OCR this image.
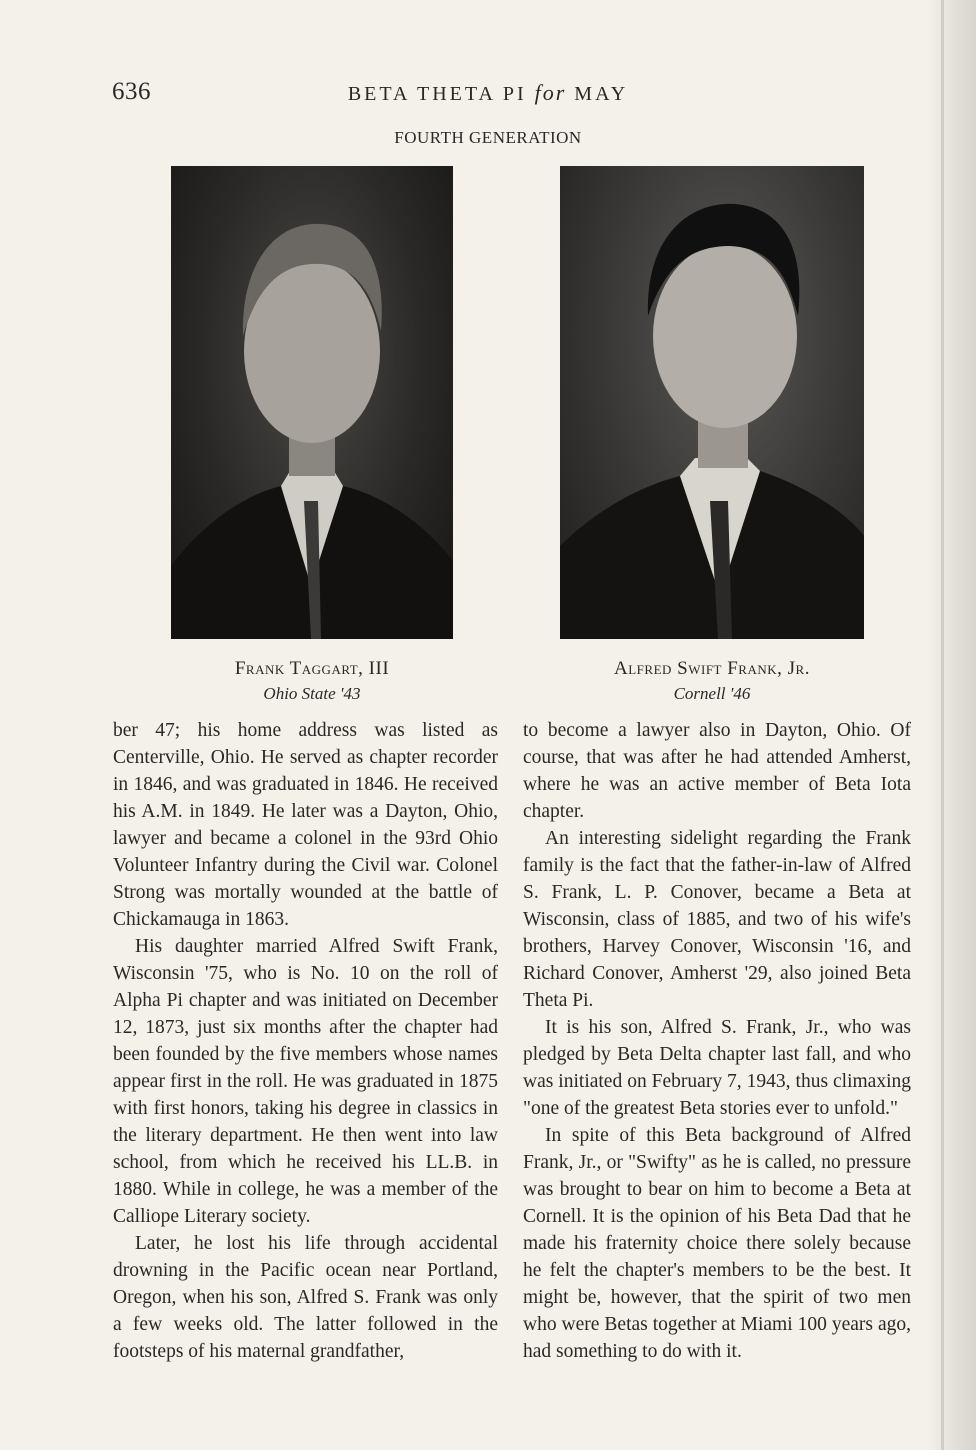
636	BETA THETA PI for MAY
FOURTH GENERATION
Frank Taggart, III
Ohio State '43
Alfred Swift Frank, Jr.
Cornell '46

ber 47; his home address was listed as Centerville, Ohio. He served as chapter recorder in 1846, and was graduated in 1846. He received his A.M. in 1849. He later was a Dayton, Ohio, lawyer and became a colonel in the 93rd Ohio Volunteer Infantry during the Civil war. Colonel Strong was mortally wounded at the battle of Chickamauga in 1863.

His daughter married Alfred Swift Frank, Wisconsin '75, who is No. 10 on the roll of Alpha Pi chapter and was initiated on December 12, 1873, just six months after the chapter had been founded by the five members whose names appear first in the roll. He was graduated in 1875 with first honors, taking his degree in classics in the literary department. He then went into law school, from which he received his LL.B. in 1880. While in college, he was a member of the Calliope Literary society.

Later, he lost his life through accidental drowning in the Pacific ocean near Portland, Oregon, when his son, Alfred S. Frank was only a few weeks old. The latter followed in the footsteps of his maternal grandfather,

to become a lawyer also in Dayton, Ohio. Of course, that was after he had attended Amherst, where he was an active member of Beta Iota chapter.

An interesting sidelight regarding the Frank family is the fact that the father-in-law of Alfred S. Frank, L. P. Conover, became a Beta at Wisconsin, class of 1885, and two of his wife's brothers, Harvey Conover, Wisconsin '16, and Richard Conover, Amherst '29, also joined Beta Theta Pi.

It is his son, Alfred S. Frank, Jr., who was pledged by Beta Delta chapter last fall, and who was initiated on February 7, 1943, thus climaxing "one of the greatest Beta stories ever to unfold."

In spite of this Beta background of Alfred Frank, Jr., or "Swifty" as he is called, no pressure was brought to bear on him to become a Beta at Cornell. It is the opinion of his Beta Dad that he made his fraternity choice there solely because he felt the chapter's members to be the best. It might be, however, that the spirit of two men who were Betas together at Miami 100 years ago, had something to do with it.
